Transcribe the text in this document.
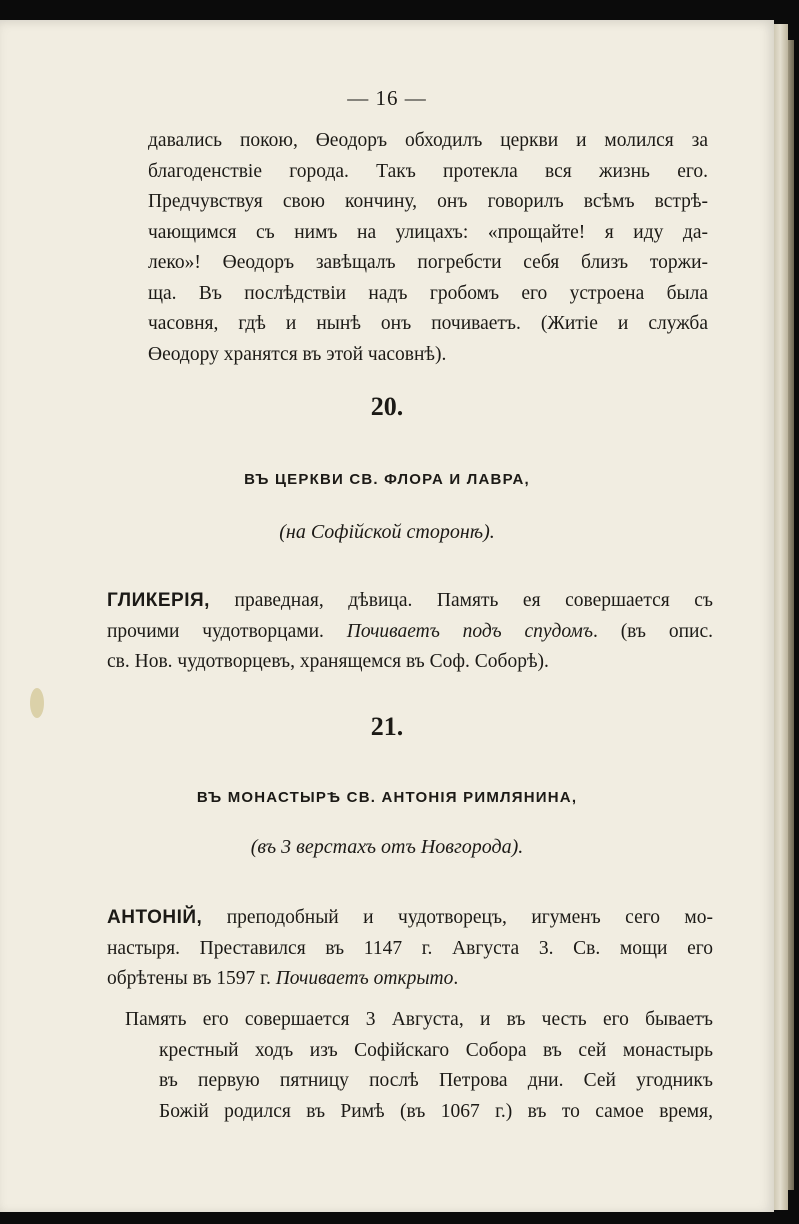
— 16 —
давались покою, Өеодоръ обходилъ церкви и молился за
благоденствіе города. Такъ протекла вся жизнь его.
Предчувствуя свою кончину, онъ говорилъ всѣмъ встрѣ-
чающимся съ нимъ на улицахъ: «прощайте! я иду да-
леко»! Өеодоръ завѣщалъ погребсти себя близъ торжи-
ща. Въ послѣдствіи надъ гробомъ его устроена была
часовня, гдѣ и нынѣ онъ почиваетъ. (Житіе и служба
Өеодору хранятся въ этой часовнѣ).
20.
ВЪ ЦЕРКВИ СВ. ФЛОРА И ЛАВРА,
(на Софійской сторонѣ).
ГЛИКЕРІЯ, праведная, дѣвица. Память ея совершается съ
прочими чудотворцами. Почиваетъ подъ спудомъ. (въ опис.
св. Нов. чудотворцевъ, хранящемся въ Соф. Соборѣ).
21.
ВЪ МОНАСТЫРѢ СВ. АНТОНІЯ РИМЛЯНИНА,
(въ 3 верстахъ отъ Новгорода).
АНТОНІЙ, преподобный и чудотворецъ, игуменъ сего мо-
настыря. Преставился въ 1147 г. Августа 3. Св. мощи его
обрѣтены въ 1597 г. Почиваетъ открыто.
Память его совершается 3 Августа, и въ честь его бываетъ
крестный ходъ изъ Софійскаго Собора въ сей монастырь
въ первую пятницу послѣ Петрова дни. Сей угодникъ
Божій родился въ Римѣ (въ 1067 г.) въ то самое время,
